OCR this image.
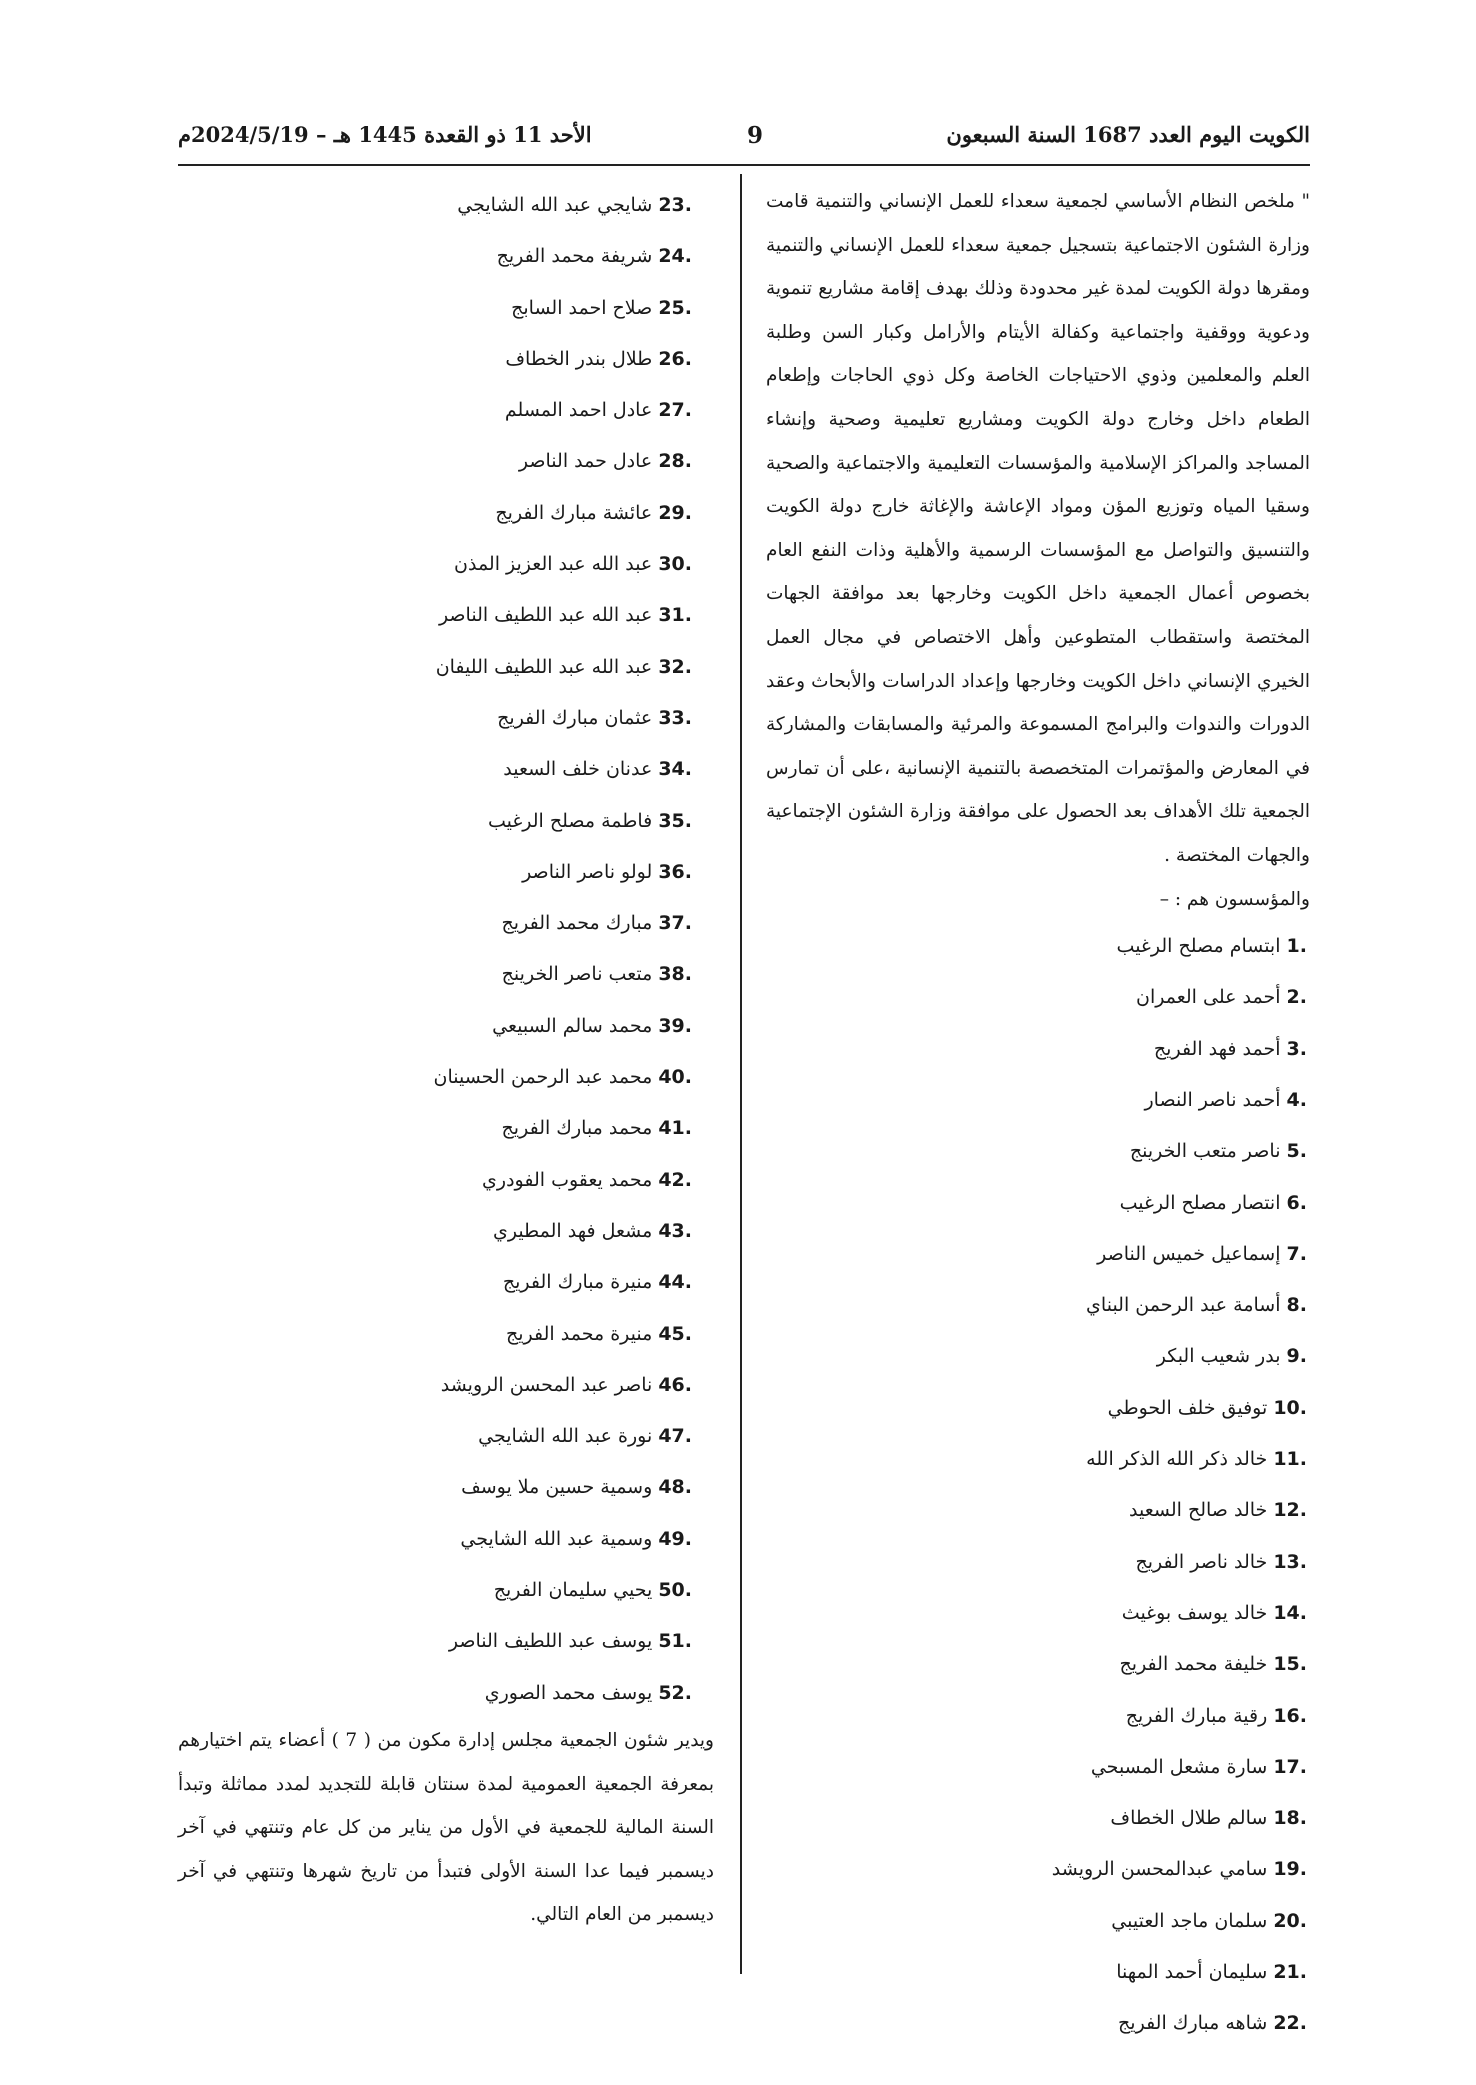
الكويت اليوم العدد 1687 السنة السبعون
9
الأحد 11 ذو القعدة 1445 هـ – 2024/5/19م

" ملخص النظام الأساسي لجمعية سعداء للعمل الإنساني والتنمية قامت وزارة الشئون الاجتماعية بتسجيل جمعية سعداء للعمل الإنساني والتنمية ومقرها دولة الكويت لمدة غير محدودة وذلك بهدف إقامة مشاريع تنموية ودعوية ووقفية واجتماعية وكفالة الأيتام والأرامل وكبار السن وطلبة العلم والمعلمين وذوي الاحتياجات الخاصة وكل ذوي الحاجات وإطعام الطعام داخل وخارج دولة الكويت ومشاريع تعليمية وصحية وإنشاء المساجد والمراكز الإسلامية والمؤسسات التعليمية والاجتماعية والصحية وسقيا المياه وتوزيع المؤن ومواد الإعاشة والإغاثة خارج دولة الكويت والتنسيق والتواصل مع المؤسسات الرسمية والأهلية وذات النفع العام بخصوص أعمال الجمعية داخل الكويت وخارجها بعد موافقة الجهات المختصة واستقطاب المتطوعين وأهل الاختصاص في مجال العمل الخيري الإنساني داخل الكويت وخارجها وإعداد الدراسات والأبحاث وعقد الدورات والندوات والبرامج المسموعة والمرئية والمسابقات والمشاركة في المعارض والمؤتمرات المتخصصة بالتنمية الإنسانية ،على أن تمارس الجمعية تلك الأهداف بعد الحصول على موافقة وزارة الشئون الإجتماعية والجهات المختصة .

والمؤسسون هم : –

1. ابتسام مصلح الرغيب
2. أحمد على العمران
3. أحمد فهد الفريج
4. أحمد ناصر النصار
5. ناصر متعب الخرينج
6. انتصار مصلح الرغيب
7. إسماعيل خميس الناصر
8. أسامة عبد الرحمن البناي
9. بدر شعيب البكر
10. توفيق خلف الحوطي
11. خالد ذكر الله الذكر الله
12. خالد صالح السعيد
13. خالد ناصر الفريج
14. خالد يوسف بوغيث
15. خليفة محمد الفريج
16. رقية مبارك الفريج
17. سارة مشعل المسبحي
18. سالم طلال الخطاف
19. سامي عبدالمحسن الرويشد
20. سلمان ماجد العتيبي
21. سليمان أحمد المهنا
22. شاهه مبارك الفريج
23. شايجي عبد الله الشايجي
24. شريفة محمد الفريج
25. صلاح احمد السابج
26. طلال بندر الخطاف
27. عادل احمد المسلم
28. عادل حمد الناصر
29. عائشة مبارك الفريج
30. عبد الله عبد العزيز المذن
31. عبد الله عبد اللطيف الناصر
32. عبد الله عبد اللطيف الليفان
33. عثمان مبارك الفريج
34. عدنان خلف السعيد
35. فاطمة مصلح الرغيب
36. لولو ناصر الناصر
37. مبارك محمد الفريج
38. متعب ناصر الخرينج
39. محمد سالم السبيعي
40. محمد عبد الرحمن الحسينان
41. محمد مبارك الفريج
42. محمد يعقوب الفودري
43. مشعل فهد المطيري
44. منيرة مبارك الفريج
45. منيرة محمد الفريج
46. ناصر عبد المحسن الرويشد
47. نورة عبد الله الشايجي
48. وسمية حسين ملا يوسف
49. وسمية عبد الله الشايجي
50. يحيي سليمان الفريج
51. يوسف عبد اللطيف الناصر
52. يوسف محمد الصوري

ويدير شئون الجمعية مجلس إدارة مكون من ( 7 ) أعضاء يتم اختيارهم بمعرفة الجمعية العمومية لمدة سنتان قابلة للتجديد لمدد مماثلة وتبدأ السنة المالية للجمعية في الأول من يناير من كل عام وتنتهي في آخر ديسمبر فيما عدا السنة الأولى فتبدأ من تاريخ شهرها وتنتهي في آخر ديسمبر من العام التالي.
